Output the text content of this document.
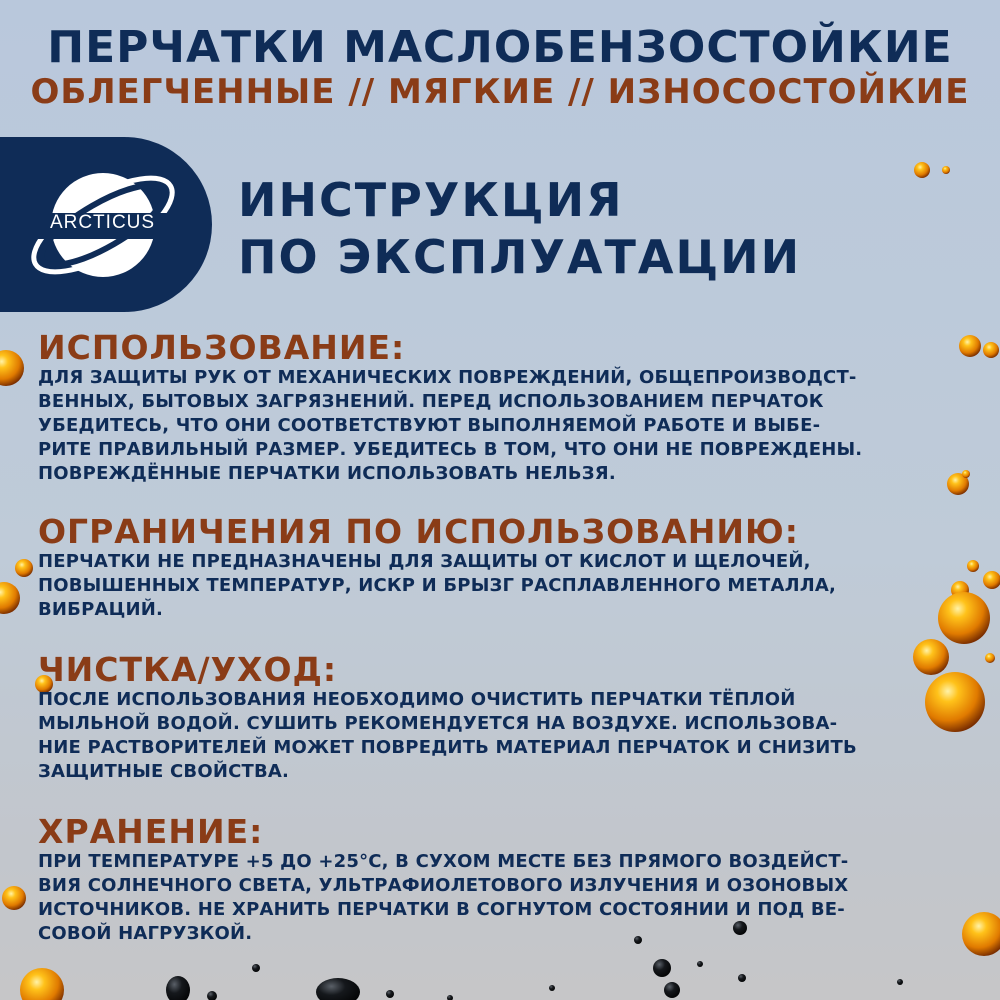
ПЕРЧАТКИ МАСЛОБЕНЗОСТОЙКИЕ
ОБЛЕГЧЕННЫЕ // МЯГКИЕ // ИЗНОСОСТОЙКИЕ
ARCTICUS	ИНСТРУКЦИЯ
ПО ЭКСПЛУАТАЦИИ
ИСПОЛЬЗОВАНИЕ:
ДЛЯ ЗАЩИТЫ РУК ОТ МЕХАНИЧЕСКИХ ПОВРЕЖДЕНИЙ, ОБЩЕПРОИЗВОДСТ-
ВЕННЫХ, БЫТОВЫХ ЗАГРЯЗНЕНИЙ. ПЕРЕД ИСПОЛЬЗОВАНИЕМ ПЕРЧАТОК
УБЕДИТЕСЬ, ЧТО ОНИ СООТВЕТСТВУЮТ ВЫПОЛНЯЕМОЙ РАБОТЕ И ВЫБЕ-
РИТЕ ПРАВИЛЬНЫЙ РАЗМЕР. УБЕДИТЕСЬ В ТОМ, ЧТО ОНИ НЕ ПОВРЕЖДЕНЫ.
ПОВРЕЖДЁННЫЕ ПЕРЧАТКИ ИСПОЛЬЗОВАТЬ НЕЛЬЗЯ.
ОГРАНИЧЕНИЯ ПО ИСПОЛЬЗОВАНИЮ:
ПЕРЧАТКИ НЕ ПРЕДНАЗНАЧЕНЫ ДЛЯ ЗАЩИТЫ ОТ КИСЛОТ И ЩЕЛОЧЕЙ,
ПОВЫШЕННЫХ ТЕМПЕРАТУР, ИСКР И БРЫЗГ РАСПЛАВЛЕННОГО МЕТАЛЛА,
ВИБРАЦИЙ.
ЧИСТКА/УХОД:
ПОСЛЕ ИСПОЛЬЗОВАНИЯ НЕОБХОДИМО ОЧИСТИТЬ ПЕРЧАТКИ ТЁПЛОЙ
МЫЛЬНОЙ ВОДОЙ. СУШИТЬ РЕКОМЕНДУЕТСЯ НА ВОЗДУХЕ. ИСПОЛЬЗОВА-
НИЕ РАСТВОРИТЕЛЕЙ МОЖЕТ ПОВРЕДИТЬ МАТЕРИАЛ ПЕРЧАТОК И СНИЗИТЬ
ЗАЩИТНЫЕ СВОЙСТВА.
ХРАНЕНИЕ:
ПРИ ТЕМПЕРАТУРЕ +5 ДО +25°С, В СУХОМ МЕСТЕ БЕЗ ПРЯМОГО ВОЗДЕЙСТ-
ВИЯ СОЛНЕЧНОГО СВЕТА, УЛЬТРАФИОЛЕТОВОГО ИЗЛУЧЕНИЯ И ОЗОНОВЫХ
ИСТОЧНИКОВ. НЕ ХРАНИТЬ ПЕРЧАТКИ В СОГНУТОМ СОСТОЯНИИ И ПОД ВЕ-
СОВОЙ НАГРУЗКОЙ.
